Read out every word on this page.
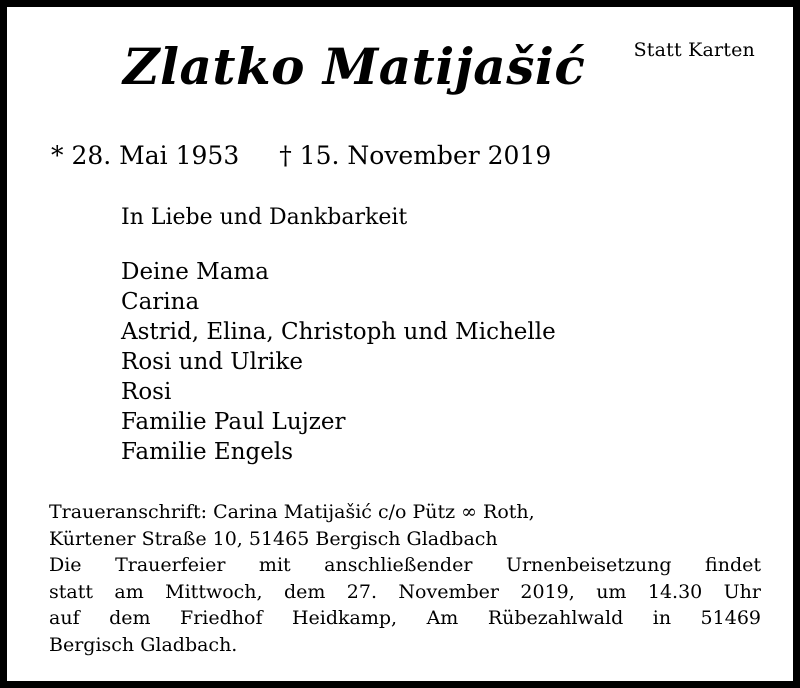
Statt Karten
Zlatko Matijašić
* 28. Mai 1953 † 15. November 2019
In Liebe und Dankbarkeit
Deine Mama
Carina
Astrid, Elina, Christoph und Michelle
Rosi und Ulrike
Rosi
Familie Paul Lujzer
Familie Engels
Traueranschrift: Carina Matijašić c/o Pütz ∞ Roth,
Kürtener Straße 10, 51465 Bergisch Gladbach
Die Trauerfeier mit anschließender Urnenbeisetzung findet
statt am Mittwoch, dem 27. November 2019, um 14.30 Uhr
auf dem Friedhof Heidkamp, Am Rübezahlwald in 51469
Bergisch Gladbach.
